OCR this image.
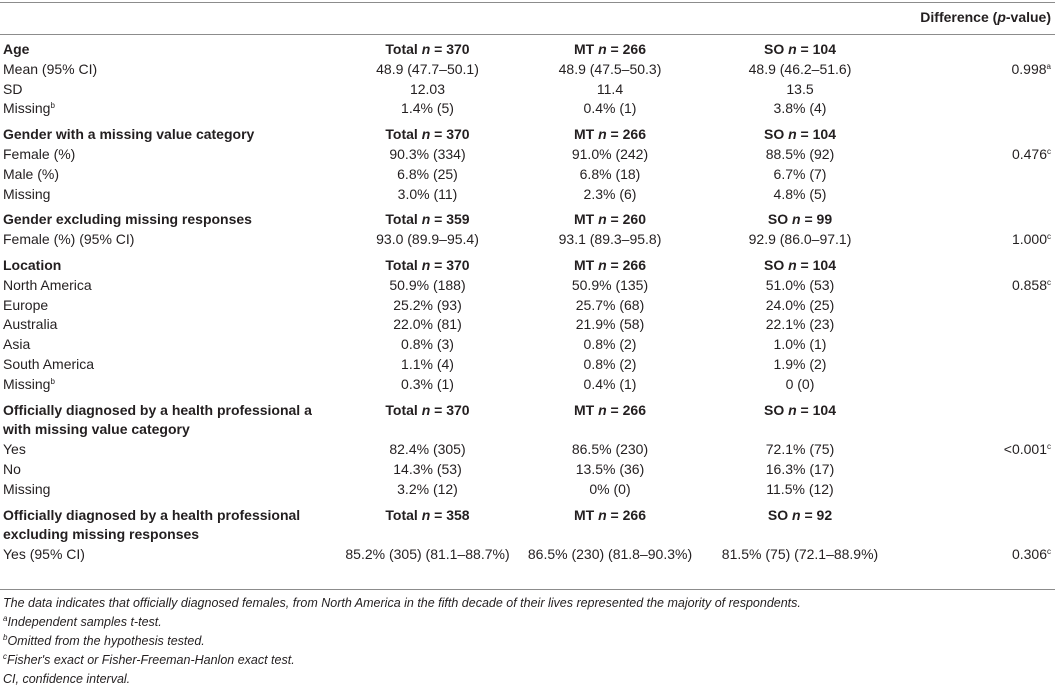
				Difference (p-value)
Age	Total n = 370	MT n = 266	SO n = 104	
Mean (95% CI)	48.9 (47.7–50.1)	48.9 (47.5–50.3)	48.9 (46.2–51.6)	0.998$^a$
SD	12.03	11.4	13.5	
Missing$^b$	1.4% (5)	0.4% (1)	3.8% (4)	
Gender with a missing value category	Total n = 370	MT n = 266	SO n = 104	
Female (%)	90.3% (334)	91.0% (242)	88.5% (92)	0.476$^c$
Male (%)	6.8% (25)	6.8% (18)	6.7% (7)	
Missing	3.0% (11)	2.3% (6)	4.8% (5)	
Gender excluding missing responses	Total n = 359	MT n = 260	SO n = 99	
Female (%) (95% CI)	93.0 (89.9–95.4)	93.1 (89.3–95.8)	92.9 (86.0–97.1)	1.000$^c$
Location	Total n = 370	MT n = 266	SO n = 104	
North America	50.9% (188)	50.9% (135)	51.0% (53)	0.858$^c$
Europe	25.2% (93)	25.7% (68)	24.0% (25)	
Australia	22.0% (81)	21.9% (58)	22.1% (23)	
Asia	0.8% (3)	0.8% (2)	1.0% (1)	
South America	1.1% (4)	0.8% (2)	1.9% (2)	
Missing$^b$	0.3% (1)	0.4% (1)	0 (0)	
Officially diagnosed by a health professional a with missing value category	Total n = 370	MT n = 266	SO n = 104	
Yes	82.4% (305)	86.5% (230)	72.1% (75)	<0.001$^c$
No	14.3% (53)	13.5% (36)	16.3% (17)	
Missing	3.2% (12)	0% (0)	11.5% (12)	
Officially diagnosed by a health professional excluding missing responses	Total n = 358	MT n = 266	SO n = 92	
Yes (95% CI)	85.2% (305) (81.1–88.7%)	86.5% (230) (81.8–90.3%)	81.5% (75) (72.1–88.9%)	0.306$^c$
The data indicates that officially diagnosed females, from North America in the fifth decade of their lives represented the majority of respondents.
$^a$Independent samples t-test.
$^b$Omitted from the hypothesis tested.
$^c$Fisher's exact or Fisher-Freeman-Hanlon exact test.
CI, confidence interval.
